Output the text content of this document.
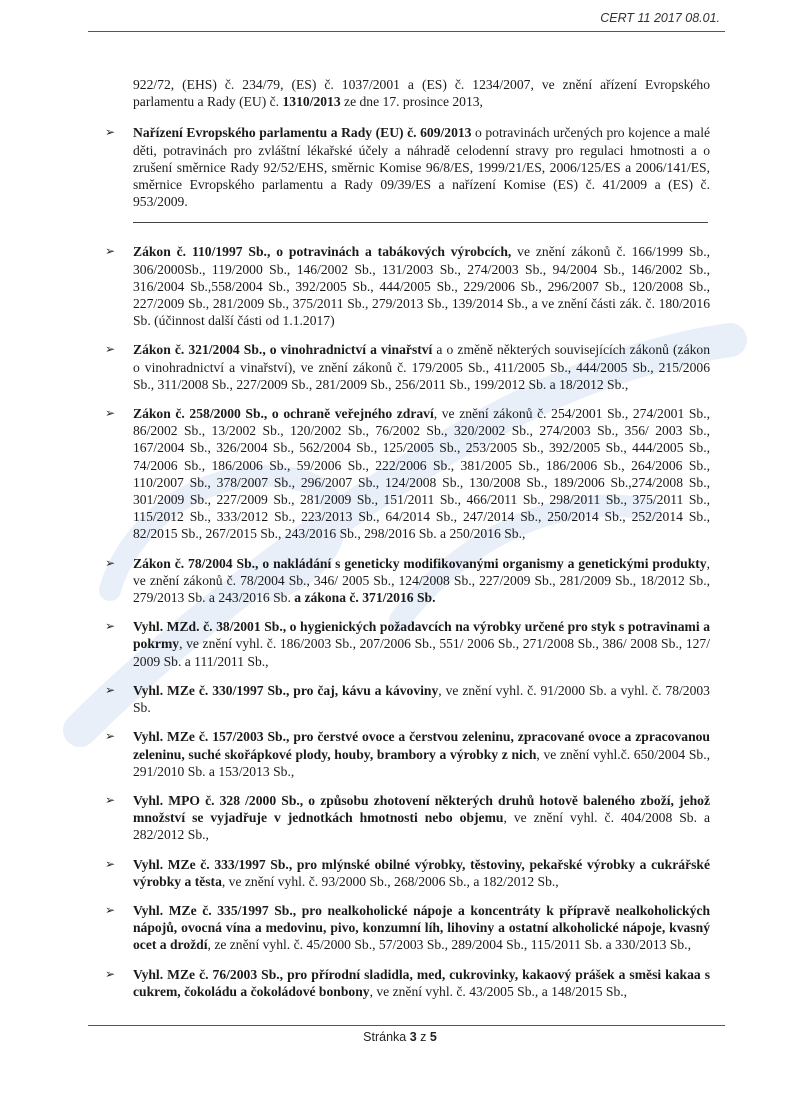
CERT 11 2017 08.01.

922/72, (EHS) č. 234/79, (ES) č. 1037/2001 a (ES) č. 1234/2007, ve znění ařízení Evropského parlamentu a Rady (EU) č. 1310/2013 ze dne 17. prosince 2013,

➢ Nařízení Evropského parlamentu a Rady (EU) č. 609/2013 o potravinách určených pro kojence a malé děti, potravinách pro zvláštní lékařské účely a náhradě celodenní stravy pro regulaci hmotnosti a o zrušení směrnice Rady 92/52/EHS, směrnic Komise 96/8/ES, 1999/21/ES, 2006/125/ES a 2006/141/ES, směrnice Evropského parlamentu a Rady 09/39/ES a nařízení Komise (ES) č. 41/2009 a (ES) č. 953/2009.
➢ Zákon č. 110/1997 Sb., o potravinách a tabákových výrobcích, ve znění zákonů č. 166/1999 Sb., 306/2000Sb., 119/2000 Sb., 146/2002 Sb., 131/2003 Sb., 274/2003 Sb., 94/2004 Sb., 146/2002 Sb., 316/2004 Sb.,558/2004 Sb., 392/2005 Sb., 444/2005 Sb., 229/2006 Sb., 296/2007 Sb., 120/2008 Sb., 227/2009 Sb., 281/2009 Sb., 375/2011 Sb., 279/2013 Sb., 139/2014 Sb., a ve znění části zák. č. 180/2016 Sb. (účinnost další části od 1.1.2017)
➢ Zákon č. 321/2004 Sb., o vinohradnictví a vinařství a o změně některých souvisejících zákonů (zákon o vinohradnictví a vinařství), ve znění zákonů č. 179/2005 Sb., 411/2005 Sb., 444/2005 Sb., 215/2006 Sb., 311/2008 Sb., 227/2009 Sb., 281/2009 Sb., 256/2011 Sb., 199/2012 Sb. a 18/2012 Sb.,
➢ Zákon č. 258/2000 Sb., o ochraně veřejného zdraví, ve znění zákonů č. 254/2001 Sb., 274/2001 Sb., 86/2002 Sb., 13/2002 Sb., 120/2002 Sb., 76/2002 Sb., 320/2002 Sb., 274/2003 Sb., 356/ 2003 Sb., 167/2004 Sb., 326/2004 Sb., 562/2004 Sb., 125/2005 Sb., 253/2005 Sb., 392/2005 Sb., 444/2005 Sb., 74/2006 Sb., 186/2006 Sb., 59/2006 Sb., 222/2006 Sb., 381/2005 Sb., 186/2006 Sb., 264/2006 Sb., 110/2007 Sb., 378/2007 Sb., 296/2007 Sb., 124/2008 Sb., 130/2008 Sb., 189/2006 Sb.,274/2008 Sb., 301/2009 Sb., 227/2009 Sb., 281/2009 Sb., 151/2011 Sb., 466/2011 Sb., 298/2011 Sb., 375/2011 Sb., 115/2012 Sb., 333/2012 Sb., 223/2013 Sb., 64/2014 Sb., 247/2014 Sb., 250/2014 Sb., 252/2014 Sb., 82/2015 Sb., 267/2015 Sb., 243/2016 Sb., 298/2016 Sb. a 250/2016 Sb.,
➢ Zákon č. 78/2004 Sb., o nakládání s geneticky modifikovanými organismy a genetickými produkty, ve znění zákonů č. 78/2004 Sb., 346/ 2005 Sb., 124/2008 Sb., 227/2009 Sb., 281/2009 Sb., 18/2012 Sb., 279/2013 Sb. a 243/2016 Sb. a zákona č. 371/2016 Sb.
➢ Vyhl. MZd. č. 38/2001 Sb., o hygienických požadavcích na výrobky určené pro styk s potravinami a pokrmy, ve znění vyhl. č. 186/2003 Sb., 207/2006 Sb., 551/ 2006 Sb., 271/2008 Sb., 386/ 2008 Sb., 127/ 2009 Sb. a 111/2011 Sb.,
➢ Vyhl. MZe č. 330/1997 Sb., pro čaj, kávu a kávoviny, ve znění vyhl. č. 91/2000 Sb. a vyhl. č. 78/2003 Sb.
➢ Vyhl. MZe č. 157/2003 Sb., pro čerstvé ovoce a čerstvou zeleninu, zpracované ovoce a zpracovanou zeleninu, suché skořápkové plody, houby, brambory a výrobky z nich, ve znění vyhl.č. 650/2004 Sb., 291/2010 Sb. a 153/2013 Sb.,
➢ Vyhl. MPO č. 328 /2000 Sb., o způsobu zhotovení některých druhů hotově baleného zboží, jehož množství se vyjadřuje v jednotkách hmotnosti nebo objemu, ve znění vyhl. č. 404/2008 Sb. a 282/2012 Sb.,
➢ Vyhl. MZe č. 333/1997 Sb., pro mlýnské obilné výrobky, těstoviny, pekařské výrobky a cukrářské výrobky a těsta, ve znění vyhl. č. 93/2000 Sb., 268/2006 Sb., a 182/2012 Sb.,
➢ Vyhl. MZe č. 335/1997 Sb., pro nealkoholické nápoje a koncentráty k přípravě nealkoholických nápojů, ovocná vína a medovinu, pivo, konzumní líh, lihoviny a ostatní alkoholické nápoje, kvasný ocet a droždí, ze znění vyhl. č. 45/2000 Sb., 57/2003 Sb., 289/2004 Sb., 115/2011 Sb. a 330/2013 Sb.,
➢ Vyhl. MZe č. 76/2003 Sb., pro přírodní sladidla, med, cukrovinky, kakaový prášek a směsi kakaa s cukrem, čokoládu a čokoládové bonbony, ve znění vyhl. č. 43/2005 Sb., a 148/2015 Sb.,
Stránka 3 z 5
